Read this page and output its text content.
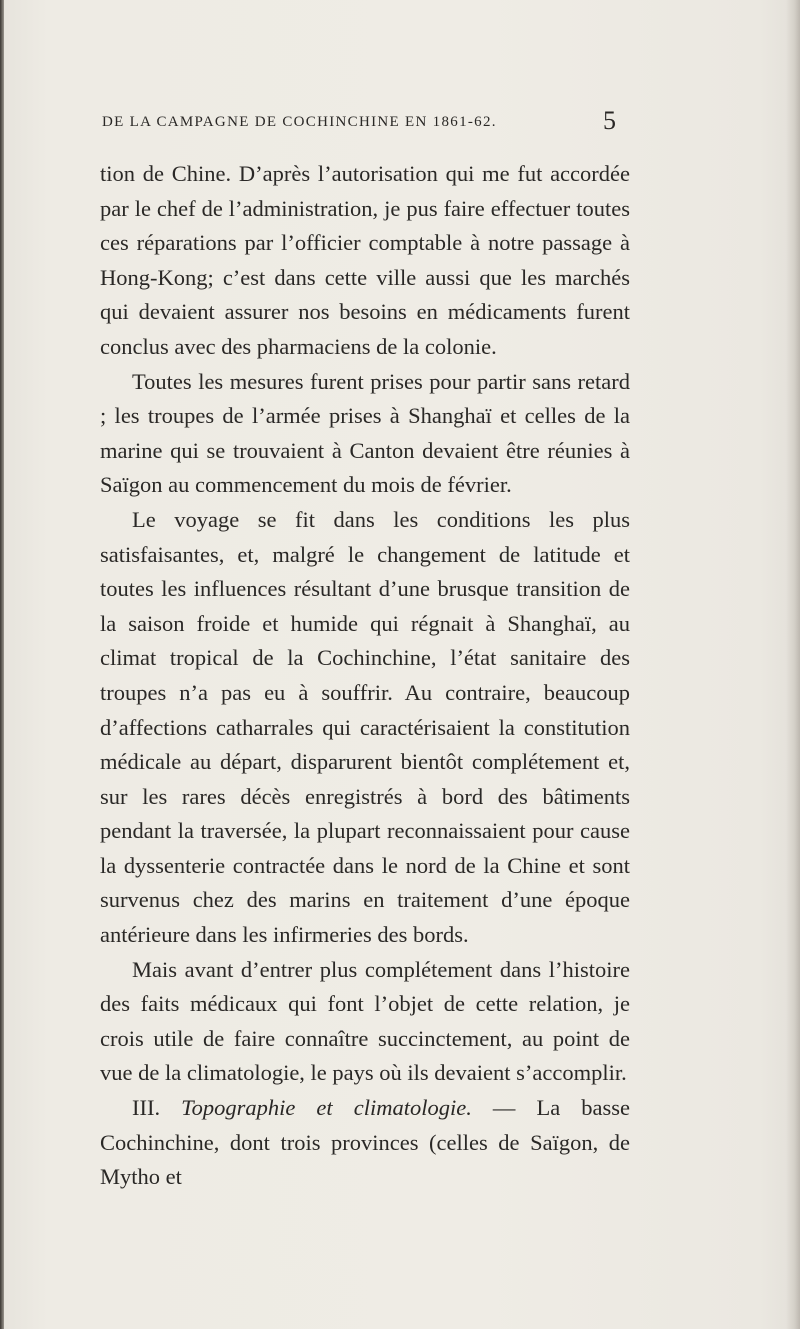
DE LA CAMPAGNE DE COCHINCHINE EN 1861-62.	5

tion de Chine. D’après l’autorisation qui me fut accordée par le chef de l’administration, je pus faire effectuer toutes ces réparations par l’officier comptable à notre passage à Hong-Kong; c’est dans cette ville aussi que les marchés qui devaient assurer nos besoins en médicaments furent conclus avec des pharmaciens de la colonie.

Toutes les mesures furent prises pour partir sans retard ; les troupes de l’armée prises à Shanghaï et celles de la marine qui se trouvaient à Canton devaient être réunies à Saïgon au commencement du mois de février.

Le voyage se fit dans les conditions les plus satisfaisantes, et, malgré le changement de latitude et toutes les influences résultant d’une brusque transition de la saison froide et humide qui régnait à Shanghaï, au climat tropical de la Cochinchine, l’état sanitaire des troupes n’a pas eu à souffrir. Au contraire, beaucoup d’affections catharrales qui caractérisaient la constitution médicale au départ, disparurent bientôt complétement et, sur les rares décès enregistrés à bord des bâtiments pendant la traversée, la plupart reconnaissaient pour cause la dyssenterie contractée dans le nord de la Chine et sont survenus chez des marins en traitement d’une époque antérieure dans les infirmeries des bords.

Mais avant d’entrer plus complétement dans l’histoire des faits médicaux qui font l’objet de cette relation, je crois utile de faire connaître succinctement, au point de vue de la climatologie, le pays où ils devaient s’accomplir.

III. Topographie et climatologie. — La basse Cochinchine, dont trois provinces (celles de Saïgon, de Mytho et
